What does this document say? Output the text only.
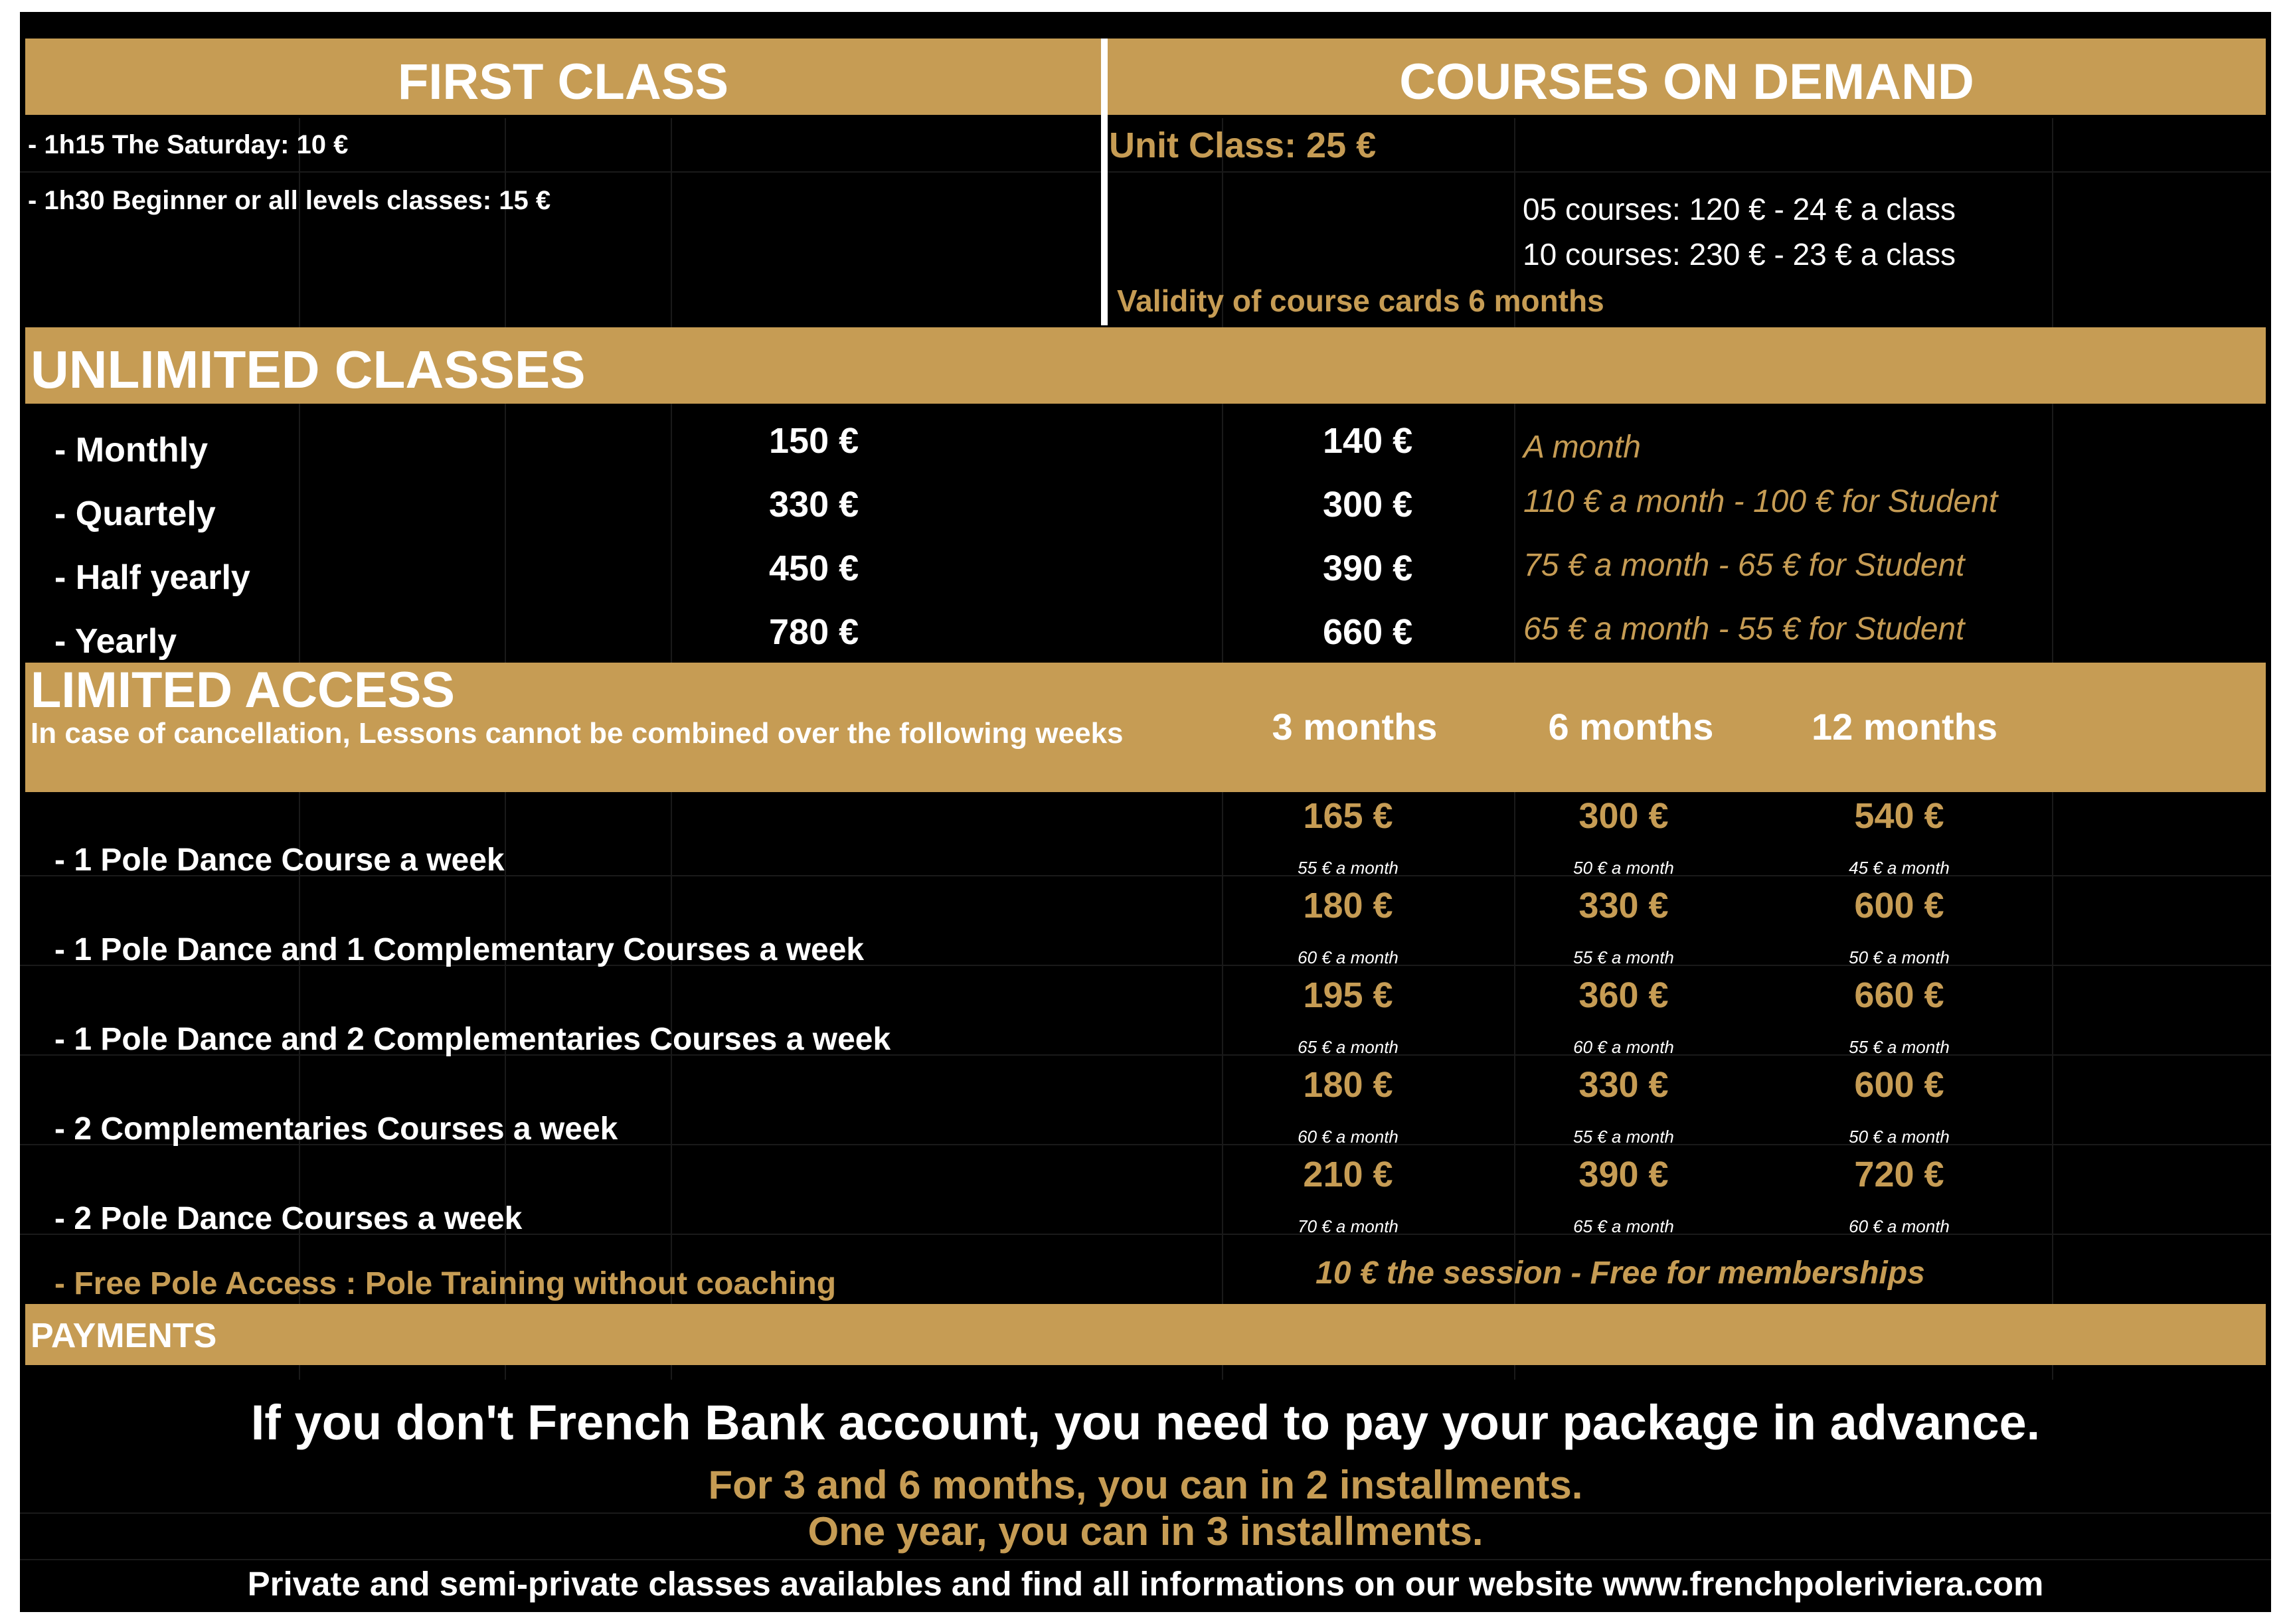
FIRST CLASS	COURSES ON DEMAND
- 1h15 The Saturday: 10 €
- 1h30 Beginner or all levels classes: 15 €
Unit Class: 25 €
05 courses: 120 € - 24 € a class
10 courses: 230 € - 23 € a class
Validity of course cards 6 months
UNLIMITED CLASSES
- Monthly	150 €	140 €	A month
- Quartely	330 €	300 €	110 € a month - 100 € for Student
- Half yearly	450 €	390 €	75 € a month - 65 € for Student
- Yearly	780 €	660 €	65 € a month - 55 € for Student
LIMITED ACCESS
In case of cancellation, Lessons cannot be combined over the following weeks	3 months	6 months	12 months
- 1 Pole Dance Course a week
165 €	300 €	540 €
55 € a month	50 € a month	45 € a month
- 1 Pole Dance and 1 Complementary Courses a week
180 €	330 €	600 €
60 € a month	55 € a month	50 € a month
- 1 Pole Dance and 2 Complementaries Courses a week
195 €	360 €	660 €
65 € a month	60 € a month	55 € a month
- 2 Complementaries Courses a week
180 €	330 €	600 €
60 € a month	55 € a month	50 € a month
- 2 Pole Dance Courses a week
210 €	390 €	720 €
70 € a month	65 € a month	60 € a month
- Free Pole Access : Pole Training without coaching	10 € the session - Free for memberships
PAYMENTS
If you don't French Bank account, you need to pay your package in advance.
For 3 and 6 months, you can in 2 installments.
One year, you can in 3 installments.
Private and semi-private classes availables and find all informations on our website www.frenchpoleriviera.com
